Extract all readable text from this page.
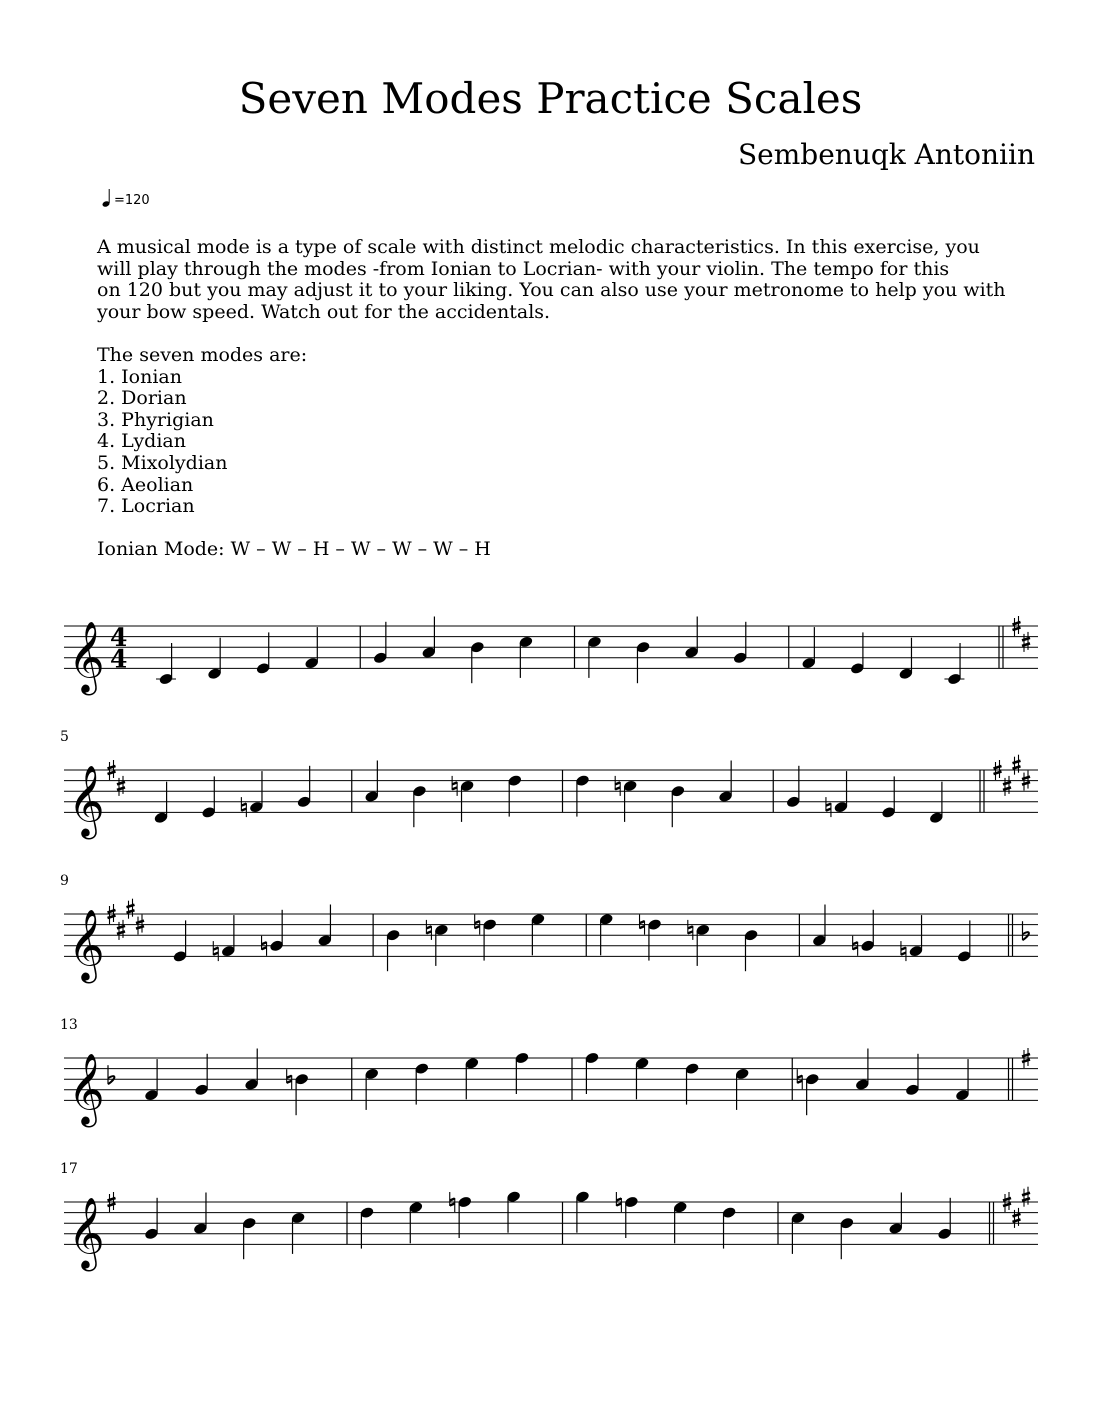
Seven Modes Practice Scales
Sembenuqk Antoniin
=120
A musical mode is a type of scale with distinct melodic characteristics. In this exercise, you
will play through the modes -from Ionian to Locrian- with your violin. The tempo for this
on 120 but you may adjust it to your liking. You can also use your metronome to help you with
your bow speed. Watch out for the accidentals.
The seven modes are:
1. Ionian
2. Dorian
3. Phyrigian
4. Lydian
5. Mixolydian
6. Aeolian
7. Locrian
Ionian Mode: W – W – H – W – W – W – H
4
4
𝄞
5
𝄞
9
𝄞
13
𝄞
17
𝄞
